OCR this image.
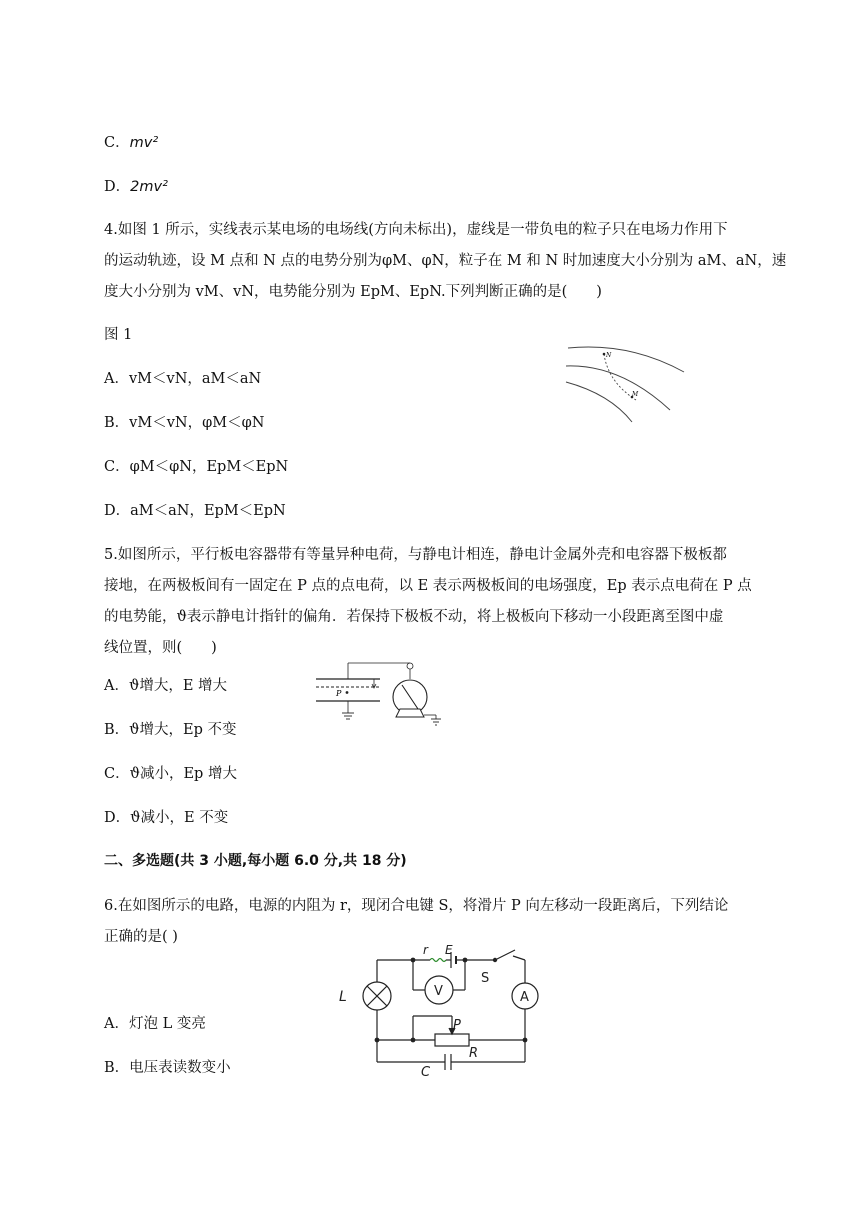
C．mv²
D．2mv²
4.如图 1 所示，实线表示某电场的电场线(方向未标出)，虚线是一带负电的粒子只在电场力作用下
的运动轨迹，设 M 点和 N 点的电势分别为φM、φN，粒子在 M 和 N 时加速度大小分别为 aM、aN，速
度大小分别为 vM、vN，电势能分别为 EpM、EpN.下列判断正确的是(　　)
图 1
A．vM＜vN，aM＜aN
B．vM＜vN，φM＜φN
C．φM＜φN，EpM＜EpN
D．aM＜aN，EpM＜EpN
N
M
5.如图所示，平行板电容器带有等量异种电荷，与静电计相连，静电计金属外壳和电容器下极板都
接地，在两极板间有一固定在 P 点的点电荷，以 E 表示两极板间的电场强度，Ep 表示点电荷在 P 点
的电势能，ϑ表示静电计指针的偏角．若保持下极板不动，将上极板向下移动一小段距离至图中虚
线位置，则(　　)
A．ϑ增大，E 增大
B．ϑ增大，Ep 不变
C．ϑ减小，Ep 增大
D．ϑ减小，E 不变
P
二、多选题(共 3 小题,每小题 6.0 分,共 18 分)
6.在如图所示的电路，电源的内阻为 r，现闭合电键 S，将滑片 P 向左移动一段距离后，下列结论
正确的是( )
A．灯泡 L 变亮
B．电压表读数变小
r E
L
P
R
C
S
V	A
